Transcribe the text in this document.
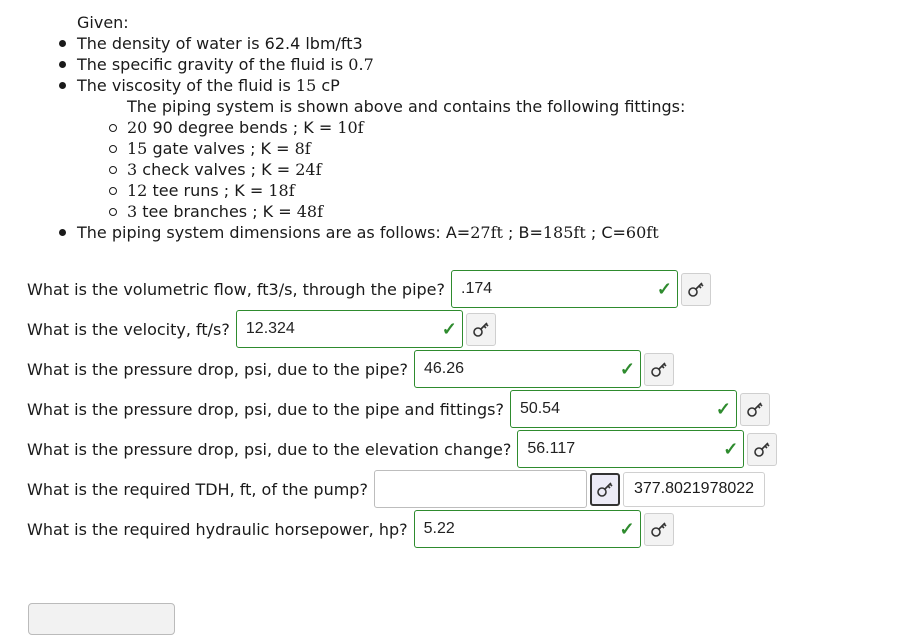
Given:
The density of water is 62.4 lbm/ft3
The specific gravity of the fluid is 0.7
The viscosity of the fluid is 15 cP
The piping system is shown above and contains the following fittings:
20 90 degree bends ; K = 10f
15 gate valves ; K = 8f
3 check valves ; K = 24f
12 tee runs ; K = 18f
3 tee branches ; K = 48f
The piping system dimensions are as follows: A=27ft ; B=185ft ; C=60ft
What is the volumetric flow, ft3/s, through the pipe? .174	✓
What is the velocity, ft/s? 12.324	✓
What is the pressure drop, psi, due to the pipe? 46.26	✓
What is the pressure drop, psi, due to the pipe and fittings? 50.54	✓
What is the pressure drop, psi, due to the elevation change? 56.117	✓
What is the required TDH, ft, of the pump?	377.8021978022
What is the required hydraulic horsepower, hp? 5.22	✓
